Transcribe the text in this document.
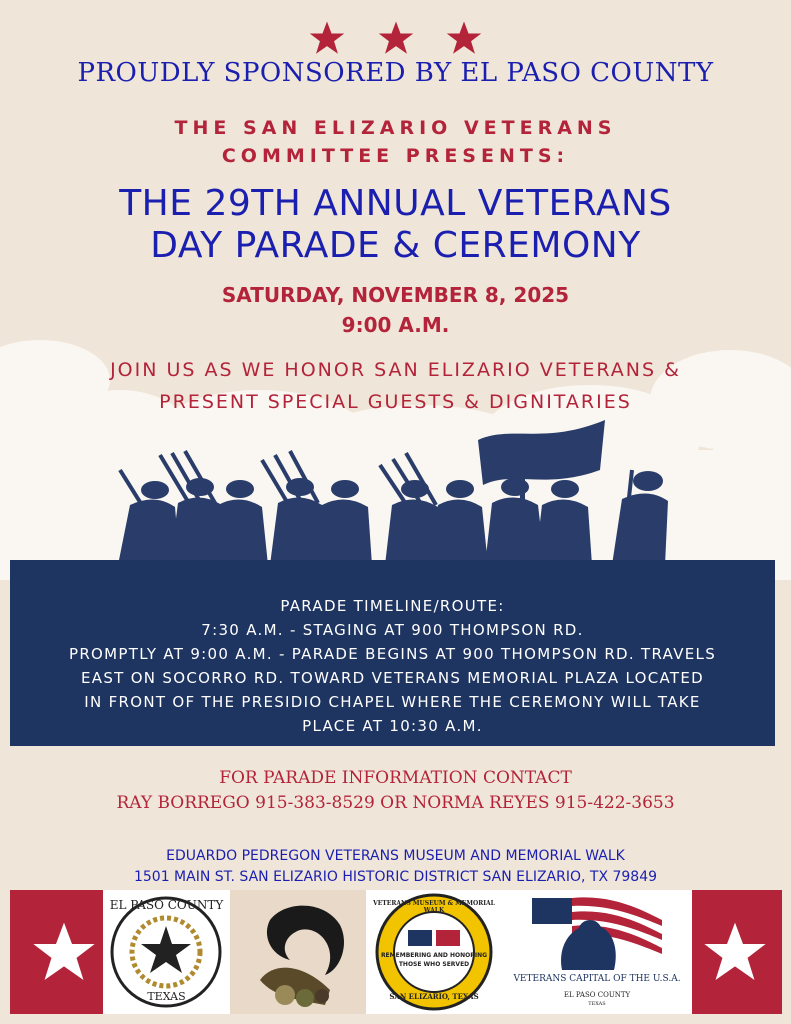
PROUDLY SPONSORED BY EL PASO COUNTY
THE SAN ELIZARIO VETERANS
COMMITTEE PRESENTS:
THE 29TH ANNUAL VETERANS
DAY PARADE & CEREMONY
SATURDAY, NOVEMBER 8, 2025
9:00 A.M.
JOIN US AS WE HONOR SAN ELIZARIO VETERANS &
PRESENT SPECIAL GUESTS & DIGNITARIES
PARADE TIMELINE/ROUTE:
7:30 A.M. - STAGING AT 900 THOMPSON RD.
PROMPTLY AT 9:00 A.M. - PARADE BEGINS AT 900 THOMPSON RD. TRAVELS
EAST ON SOCORRO RD. TOWARD VETERANS MEMORIAL PLAZA LOCATED
IN FRONT OF THE PRESIDIO CHAPEL WHERE THE CEREMONY WILL TAKE
PLACE AT 10:30 A.M.
FOR PARADE INFORMATION CONTACT
RAY BORREGO 915-383-8529 OR NORMA REYES 915-422-3653
EDUARDO PEDREGON VETERANS MUSEUM AND MEMORIAL WALK
1501 MAIN ST. SAN ELIZARIO HISTORIC DISTRICT SAN ELIZARIO, TX 79849
EL PASO COUNTY
TEXAS
VETERANS MUSEUM & MEMORIAL WALK
REMEMBERING AND HONORING
THOSE WHO SERVED
SAN ELIZARIO, TEXAS
VETERANS CAPITAL OF THE U.S.A.
EL PASO COUNTY
TEXAS
